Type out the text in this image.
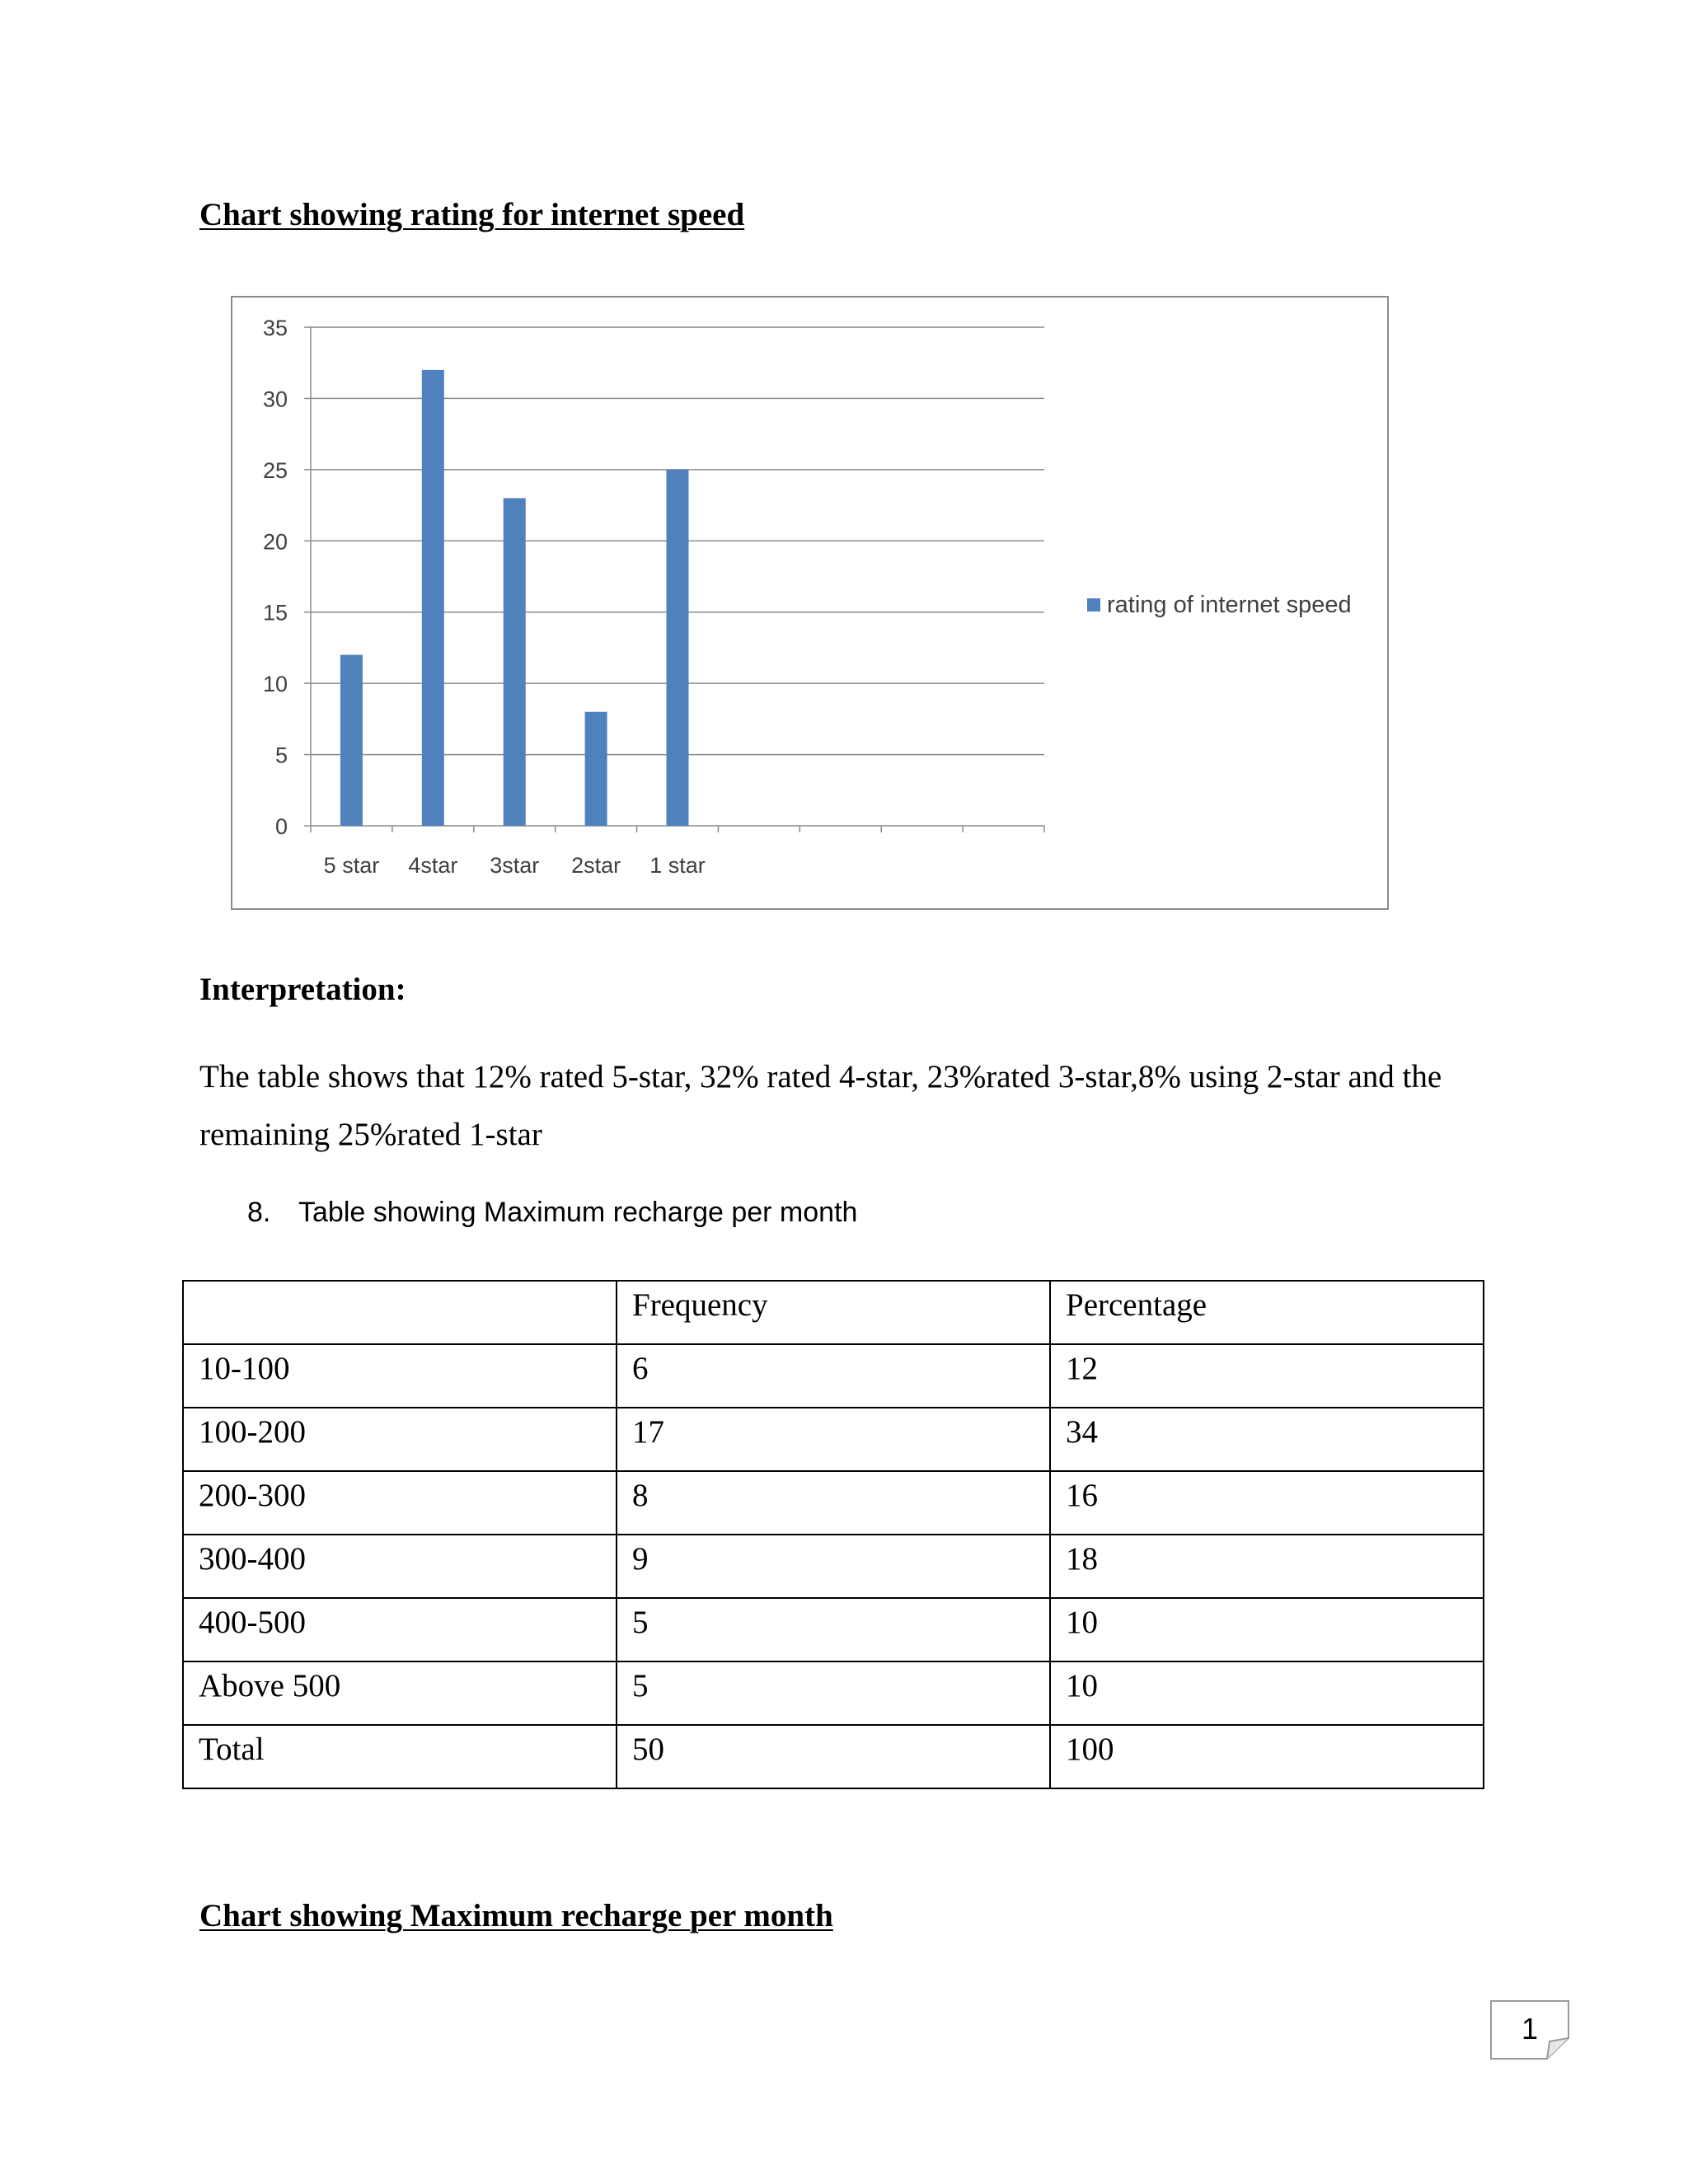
Chart showing rating for internet speed
0
5
10
15
20
25
30
35
5 star 4star 3star 2star 1 star
rating of internet speed
Interpretation:

The table shows that 12% rated 5-star, 32% rated 4-star, 23%rated 3-star,8% using 2-star and the remaining 25%rated 1-star

8. Table showing Maximum recharge per month
	Frequency	Percentage
10-100	6	12
100-200	17	34
200-300	8	16
300-400	9	18
400-500	5	10
Above 500	5	10
Total	50	100
Chart showing Maximum recharge per month
1
